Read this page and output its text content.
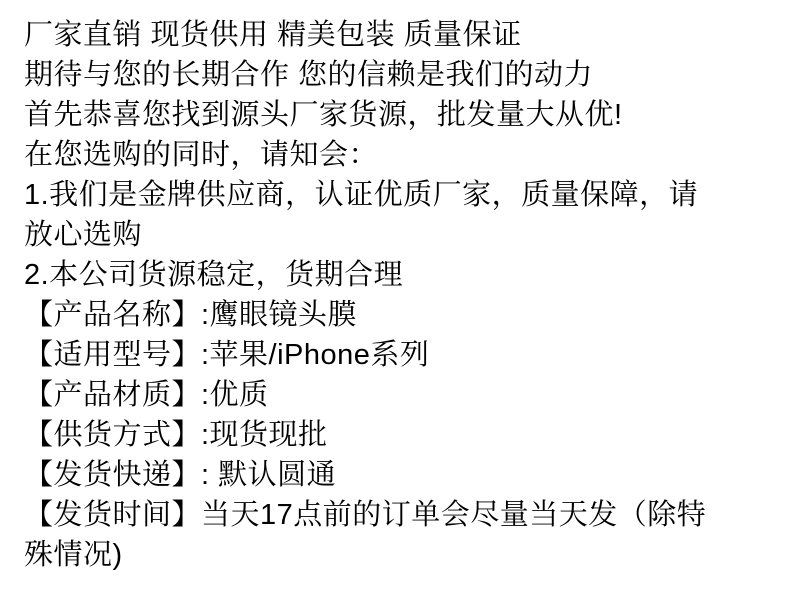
厂家直销 现货供用 精美包装 质量保证
期待与您的长期合作 您的信赖是我们的动力
首先恭喜您找到源头厂家货源，批发量大从优!
在您选购的同时，请知会：
1.我们是金牌供应商，认证优质厂家，质量保障，请
放心选购
2.本公司货源稳定，货期合理
【产品名称】:鹰眼镜头膜
【适用型号】:苹果/iPhone系列
【产品材质】:优质
【供货方式】:现货现批
【发货快递】: 默认圆通
【发货时间】当天17点前的订单会尽量当天发（除特
殊情况)
